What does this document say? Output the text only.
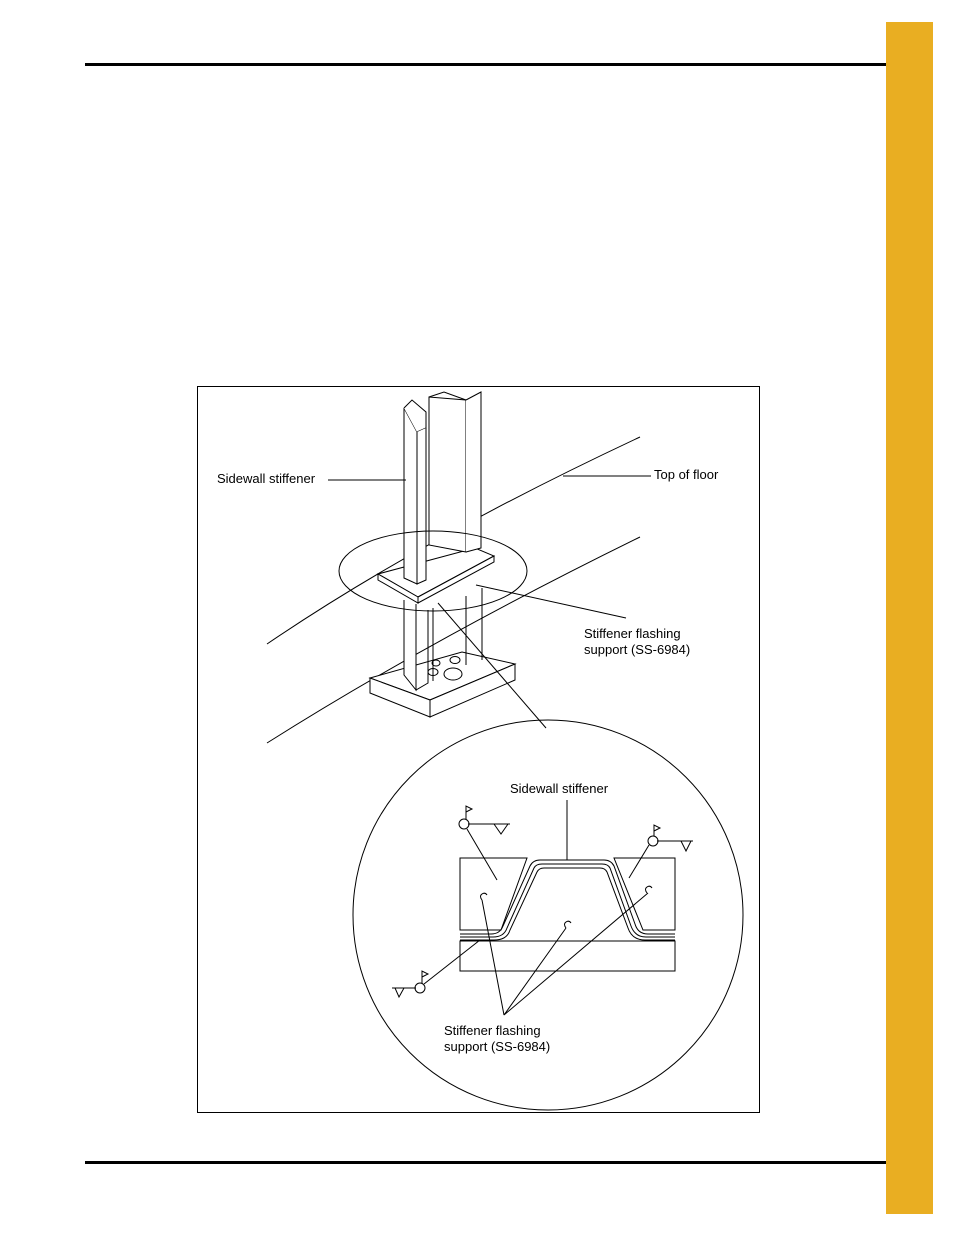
Sidewall stiffener	Top of floor
Stiffener flashing
support (SS-6984)
Sidewall stiffener
Stiffener flashing
support (SS-6984)
